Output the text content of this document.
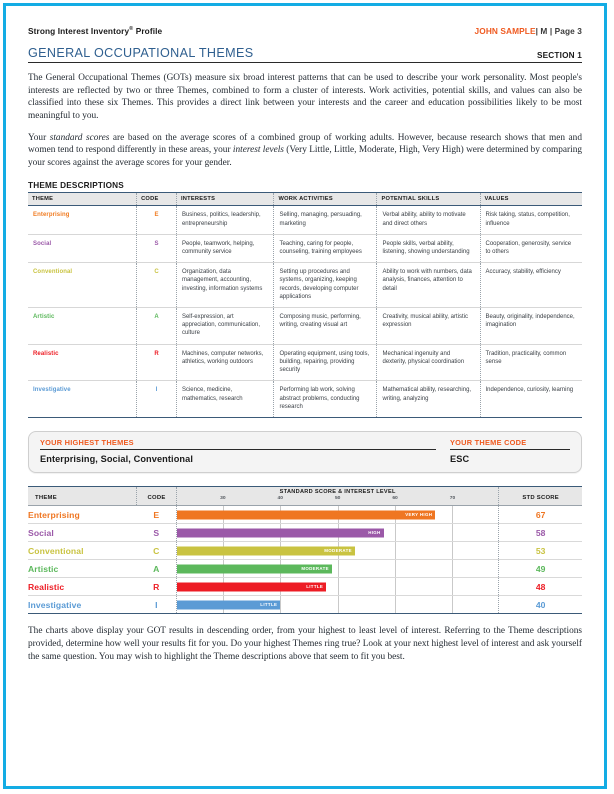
Strong Interest Inventory® Profile	JOHN SAMPLE| M | Page 3
GENERAL OCCUPATIONAL THEMES	SECTION 1

The General Occupational Themes (GOTs) measure six broad interest patterns that can be used to describe your work personality. Most people's interests are reflected by two or three Themes, combined to form a cluster of interests. Work activities, potential skills, and values can also be classified into these six Themes. This provides a direct link between your interests and the career and education possibilities likely to be most meaningful to you.

Your standard scores are based on the average scores of a combined group of working adults. However, because research shows that men and women tend to respond differently in these areas, your interest levels (Very Little, Little, Moderate, High, Very High) were determined by comparing your scores against the average scores for your gender.

THEME DESCRIPTIONS
THEME	CODE	INTERESTS	WORK ACTIVITIES	POTENTIAL SKILLS	VALUES
Enterprising	E	Business, politics, leadership, entrepreneurship	Selling, managing, persuading, marketing	Verbal ability, ability to motivate and direct others	Risk taking, status, competition, influence
Social	S	People, teamwork, helping, community service	Teaching, caring for people, counseling, training employees	People skills, verbal ability, listening, showing understanding	Cooperation, generosity, service to others
Conventional	C	Organization, data management, accounting, investing, information systems	Setting up procedures and systems, organizing, keeping records, developing computer applications	Ability to work with numbers, data analysis, finances, attention to detail	Accuracy, stability, efficiency
Artistic	A	Self-expression, art appreciation, communication, culture	Composing music, performing, writing, creating visual art	Creativity, musical ability, artistic expression	Beauty, originality, independence, imagination
Realistic	R	Machines, computer networks, athletics, working outdoors	Operating equipment, using tools, building, repairing, providing security	Mechanical ingenuity and dexterity, physical coordination	Tradition, practicality, common sense
Investigative	I	Science, medicine, mathematics, research	Performing lab work, solving abstract problems, conducting research	Mathematical ability, researching, writing, analyzing	Independence, curiosity, learning
YOUR HIGHEST THEMES
Enterprising, Social, Conventional
YOUR THEME CODE
ESC
THEME	CODE

STANDARD SCORE & INTEREST LEVEL
30	40	50	60	70	STD SCORE

Enterprising	E	VERY HIGH	67
Social	S	HIGH	58
Conventional	C	MODERATE	53
Artistic	A	MODERATE	49
Realistic	R	LITTLE	48
Investigative	I	LITTLE	40

The charts above display your GOT results in descending order, from your highest to least level of interest. Referring to the Theme descriptions provided, determine how well your results fit for you. Do your highest Themes ring true? Look at your next highest level of interest and ask yourself the same question. You may wish to highlight the Theme descriptions above that seem to fit you best.
